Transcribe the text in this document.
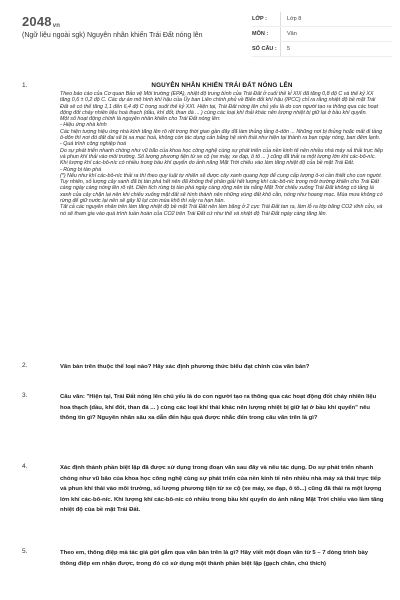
2048vn
(Ngữ liệu ngoài sgk) Nguyên nhân khiến Trái Đất nóng lên
LỚP :	Lớp 8
MÔN :	Văn
SỐ CÂU :	5
1.	NGUYÊN NHÂN KHIẾN TRÁI ĐẤT NÓNG LÊN

Theo báo cáo của Cơ quan Bảo vệ Môi trường (EPA), nhiệt độ trung bình của Trái Đất ở cuối thế kỉ XIX đã tăng 0,8 độ C và thế kỷ XX tăng 0,6 ± 0,2 độ C. Các dự án mô hình khí hậu của Ủy ban Liên chính phủ về Biến đổi khí hậu (IPCC) chỉ ra rằng nhiệt độ bề mặt Trái Đất sẽ có thể tăng 1,1 đến 6,4 độ C trong suốt thế kỷ XXI. Hiện tại, Trái Đất nóng lên chủ yếu là do con người tạo ra thông qua các hoạt động đốt cháy nhiên liệu hoá thạch (dầu, khí đốt, than đá ... ) cùng các loại khí thải khác nên lượng nhiệt bị giữ lại ở bầu khí quyển.

Một số hoạt động chính là nguyên nhân khiến cho Trái Đất nóng lên:

- Hiệu ứng nhà kính

Các hiện tượng hiệu ứng nhà kính tăng lên rõ rệt trong thời gian gần đây đã làm thủng tầng ô-dôn ... Những nơi bị thủng hoặc mất đi tầng ô-dôn thì nơi đó đất đai sẽ bị sa mạc hoá, không còn tác dụng cản bằng hệ sinh thái như hiện tại thành ra bạn ngày nóng, ban đêm lạnh.

- Quá trình công nghiệp hoá

Do sự phát triển nhanh chóng như vũ bão của khoa học công nghệ cùng sự phát triển của nền kinh tế nên nhiều nhà máy xả thải trực tiếp và phun khí thải vào môi trường. Số lượng phương tiện từ xe cộ (xe máy, xe đạp, ô tô ... ) cũng đã thải ra một lượng lớn khí các-bô-níc. Khi lượng khí các-bô-níc có nhiều trong bầu khí quyển do ảnh năng Mặt Trời chiếu vào làm tăng nhiệt độ của bề mặt Trái Đất.

- Rừng bị tàn phá

(*) Nếu như khí các-bô-níc thải ra thì theo quy luật tự nhiên sẽ được cây xanh quang hợp để cung cấp lượng ô-xi cần thiết cho con người. Tuy nhiên, số lượng cây xanh đã bị tàn phá hết nên đã không thể phân giải hết lượng khí các-bô-níc trong môi trường khiến cho Trái Đất càng ngày càng nóng lên rõ rệt. Diện tích rừng bị tàn phá ngày càng rộng nên tia nắng Mặt Trời chiếu xuống Trái Đất không có tầng lá xanh của cây chặn lại nên khi chiếu xuống mặt đất sẽ hình thành nên những vùng đất khô cằn, nóng như hoang mạc. Mùa mưa không có rừng để giữ nước lại nên sẽ gây lũ lụt còn mùa khô thì xảy ra hạn hán.

Tất cả các nguyên nhân trên làm tăng nhiệt độ bề mặt Trái Đất nên làm băng ở 2 cực Trái Đất tan ra, làm lỗ ra lớp băng CO2 vĩnh cửu, và nó sẽ tham gia vào quá trình tuần hoàn của CO2 trên Trái Đất cứ như thế và nhiệt độ Trái Đất ngày càng tăng lên.

2.	Văn bản trên thuộc thể loại nào? Hãy xác định phương thức biểu đạt chính của văn bản?
3.	Câu văn: "Hiện tại, Trái Đất nóng lên chủ yếu là do con người tạo ra thông qua các hoạt động đốt cháy nhiên liệu hoa thạch (dầu, khí đốt, than đá ... ) cùng các loại khí thải khác nên lượng nhiệt bị giữ lại ở bầu khí quyển" nêu thông tin gì? Nguyên nhân sâu xa dẫn đến hậu quả được nhắc đến trong câu văn trên là gì?
4.	Xác định thành phần biệt lập đã được sử dụng trong đoạn văn sau đây và nêu tác dụng. Do sự phát triển nhanh chóng như vũ bão của khoa học công nghệ cùng sự phát triển của nền kinh tế nên nhiều nhà máy xả thải trực tiếp và phun khí thải vào môi trường, số lượng phương tiện từ xe cộ (xe máy, xe đạp, ô tô...) cũng đã thải ra một lượng lớn khí các-bô-níc. Khi lượng khí các-bô-níc có nhiều trong bầu khí quyển do ảnh năng Mặt Trời chiếu vào làm tăng nhiệt độ của bề mặt Trái Đất.
5.	Theo em, thông điệp mà tác giả gửi gắm qua văn bản trên là gì? Hãy viết một đoạn văn từ 5 – 7 dòng trình bày thông điệp em nhận được, trong đó có sử dụng một thành phần biệt lập (gạch chân, chú thích)
